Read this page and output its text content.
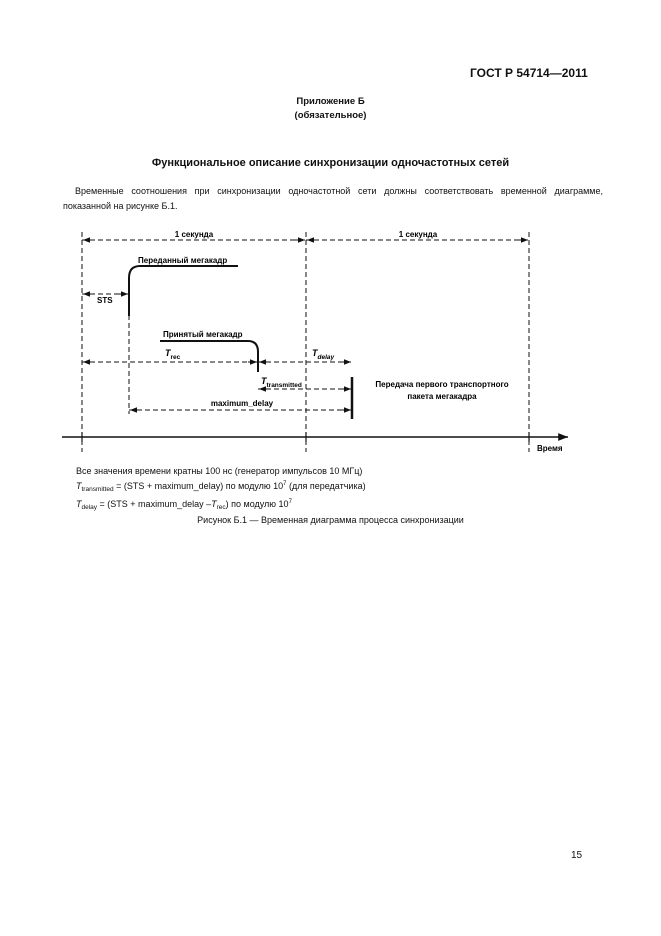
ГОСТ Р 54714—2011
Приложение Б
(обязательное)
Функциональное описание синхронизации одночастотных сетей
Временные соотношения при синхронизации одночастотной сети должны соответствовать временной диаграмме, показанной на рисунке Б.1.
1 секунда	1 секунда
Переданный мегакадр
STS
Принятый мегакадр
Trec	Tdelay
Ttransmitted
maximum_delay
Передача первого транспортного
пакета мегакадра
Время
Все значения времени кратны 100 нс (генератор импульсов 10 МГц)
$T_{transmitted} = (STS$ + maximum_delay) по модулю $10^7$ (для передатчика)
$T_{delay} = (STS$ + maximum_delay $-T_{rec}$) по модулю $10^7$
Рисунок Б.1 — Временная диаграмма процесса синхронизации
15
